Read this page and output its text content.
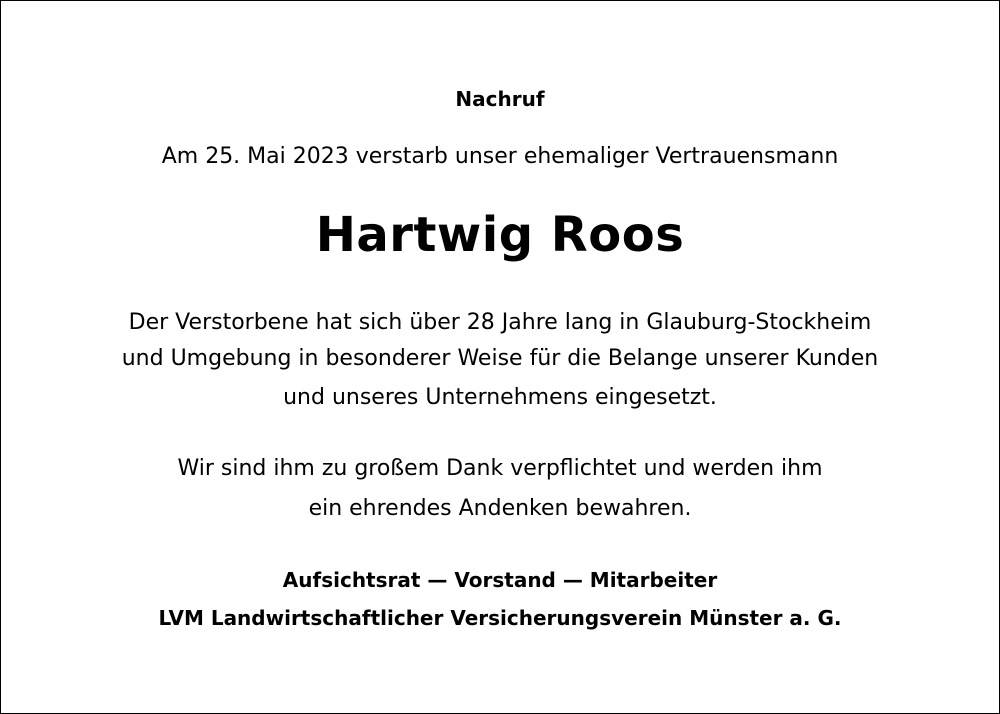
Nachruf
Am 25. Mai 2023 verstarb unser ehemaliger Vertrauensmann
Hartwig Roos
Der Verstorbene hat sich über 28 Jahre lang in Glauburg-Stockheim
und Umgebung in besonderer Weise für die Belange unserer Kunden
und unseres Unternehmens eingesetzt.
Wir sind ihm zu großem Dank verpflichtet und werden ihm
ein ehrendes Andenken bewahren.
Aufsichtsrat — Vorstand — Mitarbeiter
LVM Landwirtschaftlicher Versicherungsverein Münster a. G.
